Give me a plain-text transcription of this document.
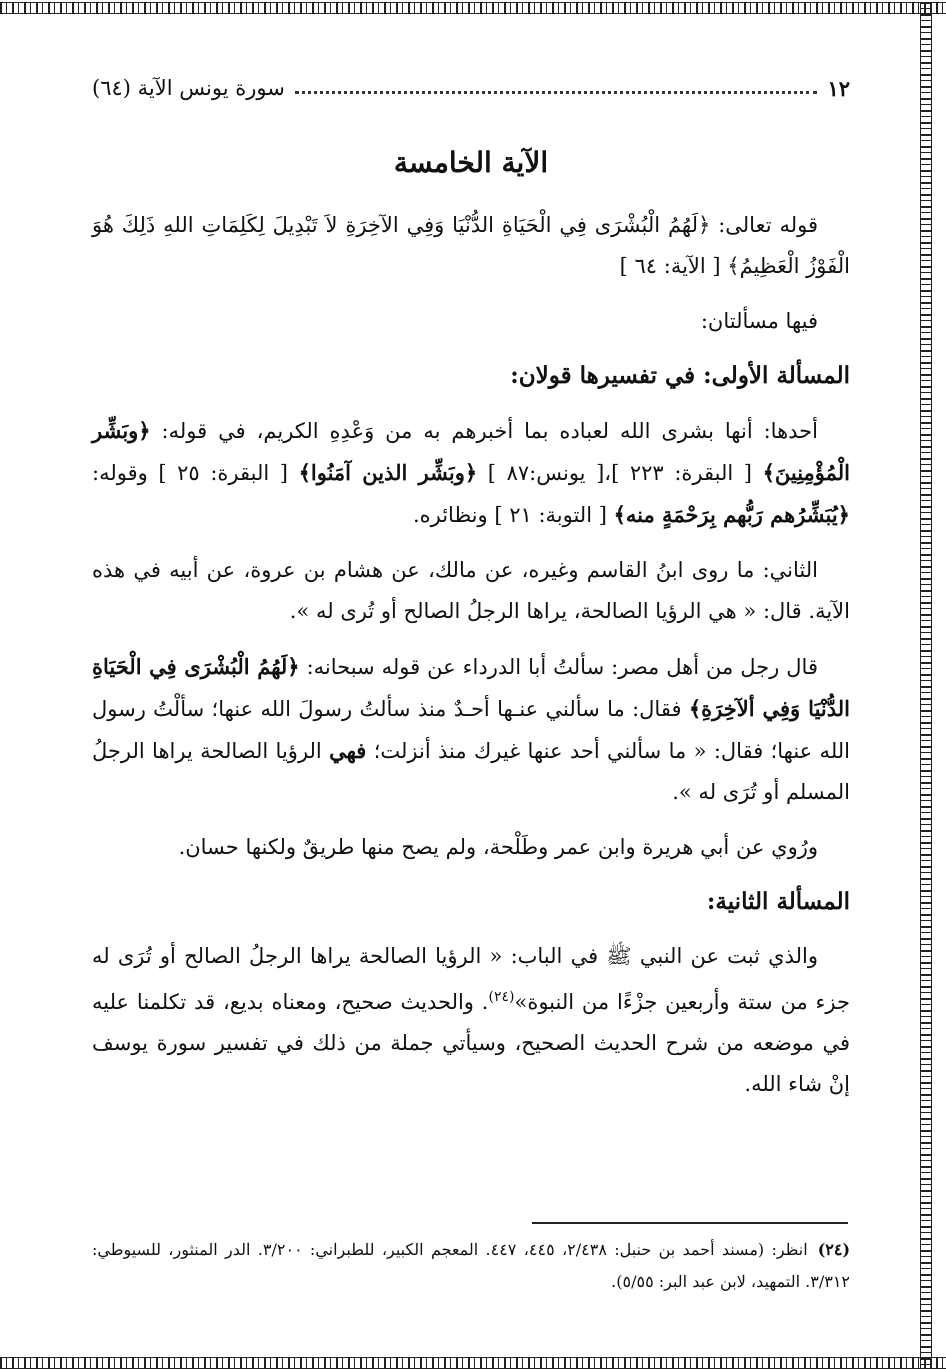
١٢
سورة يونس الآية (٦٤)
الآية الخامسة

قوله تعالى: ﴿لَهُمُ الْبُشْرَى فِي الْحَيَاةِ الدُّنْيَا وَفِي الآخِرَةِ لاَ تَبْدِيلَ لِكَلِمَاتِ اللهِ ذَلِكَ هُوَ الْفَوْزُ الْعَظِيمُ﴾ [ الآية: ٦٤ ]

فيها مسألتان:

المسألة الأولى: في تفسيرها قولان:

أحدها: أنها بشرى الله لعباده بما أخبرهم به من وَعْدِهِ الكريم، في قوله: ﴿وبَشِّر الْمُؤْمِنِينَ﴾ [ البقرة: ٢٢٣ ]،[ يونس:٨٧ ] ﴿وبَشِّر الذين آمَنُوا﴾ [ البقرة: ٢٥ ] وقوله: ﴿يُبَشِّرُهم رَبُّهم بِرَحْمَةٍ منه﴾ [ التوبة: ٢١ ] ونظائره.

الثاني: ما روى ابنُ القاسم وغيره، عن مالك، عن هشام بن عروة، عن أبيه في هذه الآية. قال: « هي الرؤيا الصالحة، يراها الرجلُ الصالح أو تُرى له ».

قال رجل من أهل مصر: سألتُ أبا الدرداء عن قوله سبحانه: ﴿لَهُمُ الْبُشْرَى فِي الْحَيَاةِ الدُّنْيَا وَفِي ألآخِرَةِ﴾ فقال: ما سألني عنـها أحـدٌ منذ سألتُ رسولَ الله عنها؛ سألْتُ رسول الله عنها؛ فقال: « ما سألني أحد عنها غيرك منذ أنزلت؛ فهي الرؤيا الصالحة يراها الرجلُ المسلم أو تُرَى له ».

ورُوي عن أبي هريرة وابن عمر وطَلْحة، ولم يصح منها طريقٌ ولكنها حسان.

المسألة الثانية:

والذي ثبت عن النبي ﷺ في الباب: « الرؤيا الصالحة يراها الرجلُ الصالح أو تُرَى له جزء من ستة وأربعين جزْءًا من النبوة»$^{(٢٤)}$. والحديث صحيح، ومعناه بديع، قد تكلمنا عليه في موضعه من شرح الحديث الصحيح، وسيأتي جملة من ذلك في تفسير سورة يوسف إنْ شاء الله.

(٢٤)انظر: (مسند أحمد بن حنبل: ٢/٤٣٨، ٤٤٥، ٤٤٧. المعجم الكبير، للطبراني: ٣/٢٠٠. الدر المنثور، للسيوطي: ٣/٣١٢. التمهيد، لابن عبد البر: ٥/٥٥).
